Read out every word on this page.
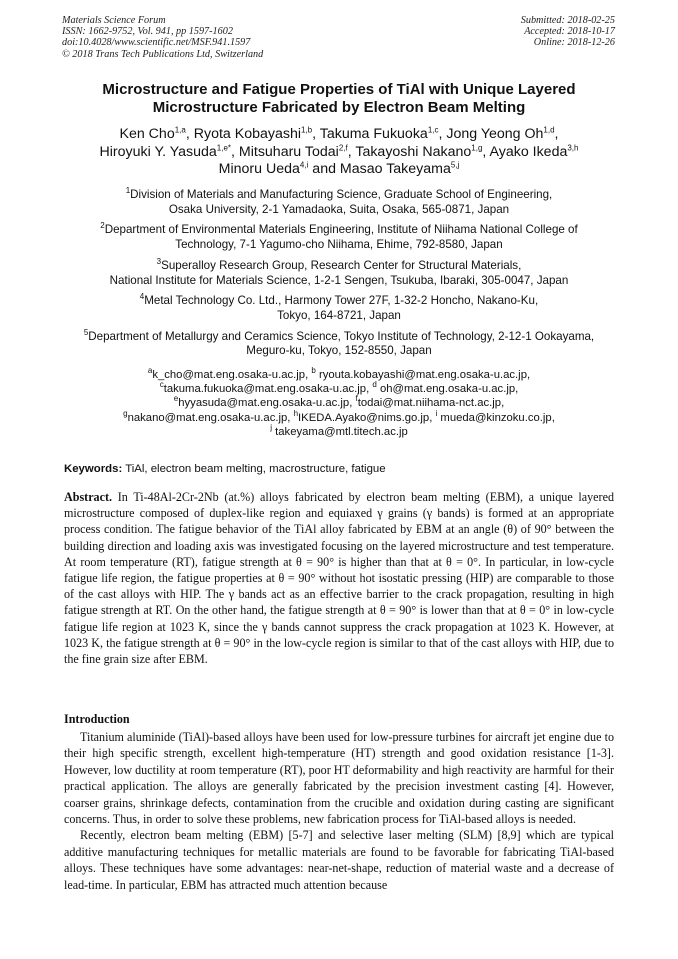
Materials Science Forum
ISSN: 1662-9752, Vol. 941, pp 1597-1602
doi:10.4028/www.scientific.net/MSF.941.1597
© 2018 Trans Tech Publications Ltd, Switzerland
Submitted: 2018-02-25
Accepted: 2018-10-17
Online: 2018-12-26
Microstructure and Fatigue Properties of TiAl with Unique Layered
Microstructure Fabricated by Electron Beam Melting
Ken Cho$^{1,a}$, Ryota Kobayashi$^{1,b}$, Takuma Fukuoka$^{1,c}$, Jong Yeong Oh$^{1,d}$,
Hiroyuki Y. Yasuda$^{1,e*}$, Mitsuharu Todai$^{2,f}$, Takayoshi Nakano$^{1,g}$, Ayako Ikeda$^{3,h}$
Minoru Ueda$^{4,i}$ and Masao Takeyama$^{5,j}$
$^1$Division of Materials and Manufacturing Science, Graduate School of Engineering,
Osaka University, 2-1 Yamadaoka, Suita, Osaka, 565-0871, Japan
$^2$Department of Environmental Materials Engineering, Institute of Niihama National College of
Technology, 7-1 Yagumo-cho Niihama, Ehime, 792-8580, Japan
$^3$Superalloy Research Group, Research Center for Structural Materials,
National Institute for Materials Science, 1-2-1 Sengen, Tsukuba, Ibaraki, 305-0047, Japan
$^4$Metal Technology Co. Ltd., Harmony Tower 27F, 1-32-2 Honcho, Nakano-Ku,
Tokyo, 164-8721, Japan
$^5$Department of Metallurgy and Ceramics Science, Tokyo Institute of Technology, 2-12-1 Ookayama,
Meguro-ku, Tokyo, 152-8550, Japan
$^a$k_cho@mat.eng.osaka-u.ac.jp, $^b$ ryouta.kobayashi@mat.eng.osaka-u.ac.jp,
$^c$takuma.fukuoka@mat.eng.osaka-u.ac.jp, $^d$ oh@mat.eng.osaka-u.ac.jp,
$^e$hyyasuda@mat.eng.osaka-u.ac.jp, $^f$todai@mat.niihama-nct.ac.jp,
$^g$nakano@mat.eng.osaka-u.ac.jp, $^h$IKEDA.Ayako@nims.go.jp, $^i$ mueda@kinzoku.co.jp,
$^j$ takeyama@mtl.titech.ac.jp
Keywords: TiAl, electron beam melting, macrostructure, fatigue
Abstract. In Ti-48Al-2Cr-2Nb (at.%) alloys fabricated by electron beam melting (EBM), a unique layered microstructure composed of duplex-like region and equiaxed γ grains (γ bands) is formed at an appropriate process condition. The fatigue behavior of the TiAl alloy fabricated by EBM at an angle (θ) of 90° between the building direction and loading axis was investigated focusing on the layered microstructure and test temperature. At room temperature (RT), fatigue strength at θ = 90° is higher than that at θ = 0°. In particular, in low-cycle fatigue life region, the fatigue properties at θ = 90° without hot isostatic pressing (HIP) are comparable to those of the cast alloys with HIP. The γ bands act as an effective barrier to the crack propagation, resulting in high fatigue strength at RT. On the other hand, the fatigue strength at θ = 90° is lower than that at θ = 0° in low-cycle fatigue life region at 1023 K, since the γ bands cannot suppress the crack propagation at 1023 K. However, at 1023 K, the fatigue strength at θ = 90° in the low-cycle region is similar to that of the cast alloys with HIP, due to the fine grain size after EBM.
Introduction

Titanium aluminide (TiAl)-based alloys have been used for low-pressure turbines for aircraft jet engine due to their high specific strength, excellent high-temperature (HT) strength and good oxidation resistance [1-3]. However, low ductility at room temperature (RT), poor HT deformability and high reactivity are harmful for their practical application. The alloys are generally fabricated by the precision investment casting [4]. However, coarser grains, shrinkage defects, contamination from the crucible and oxidation during casting are significant concerns. Thus, in order to solve these problems, new fabrication process for TiAl-based alloys is needed.

Recently, electron beam melting (EBM) [5-7] and selective laser melting (SLM) [8,9] which are typical additive manufacturing techniques for metallic materials are found to be favorable for fabricating TiAl-based alloys. These techniques have some advantages: near-net-shape, reduction of material waste and a decrease of lead-time. In particular, EBM has attracted much attention because
